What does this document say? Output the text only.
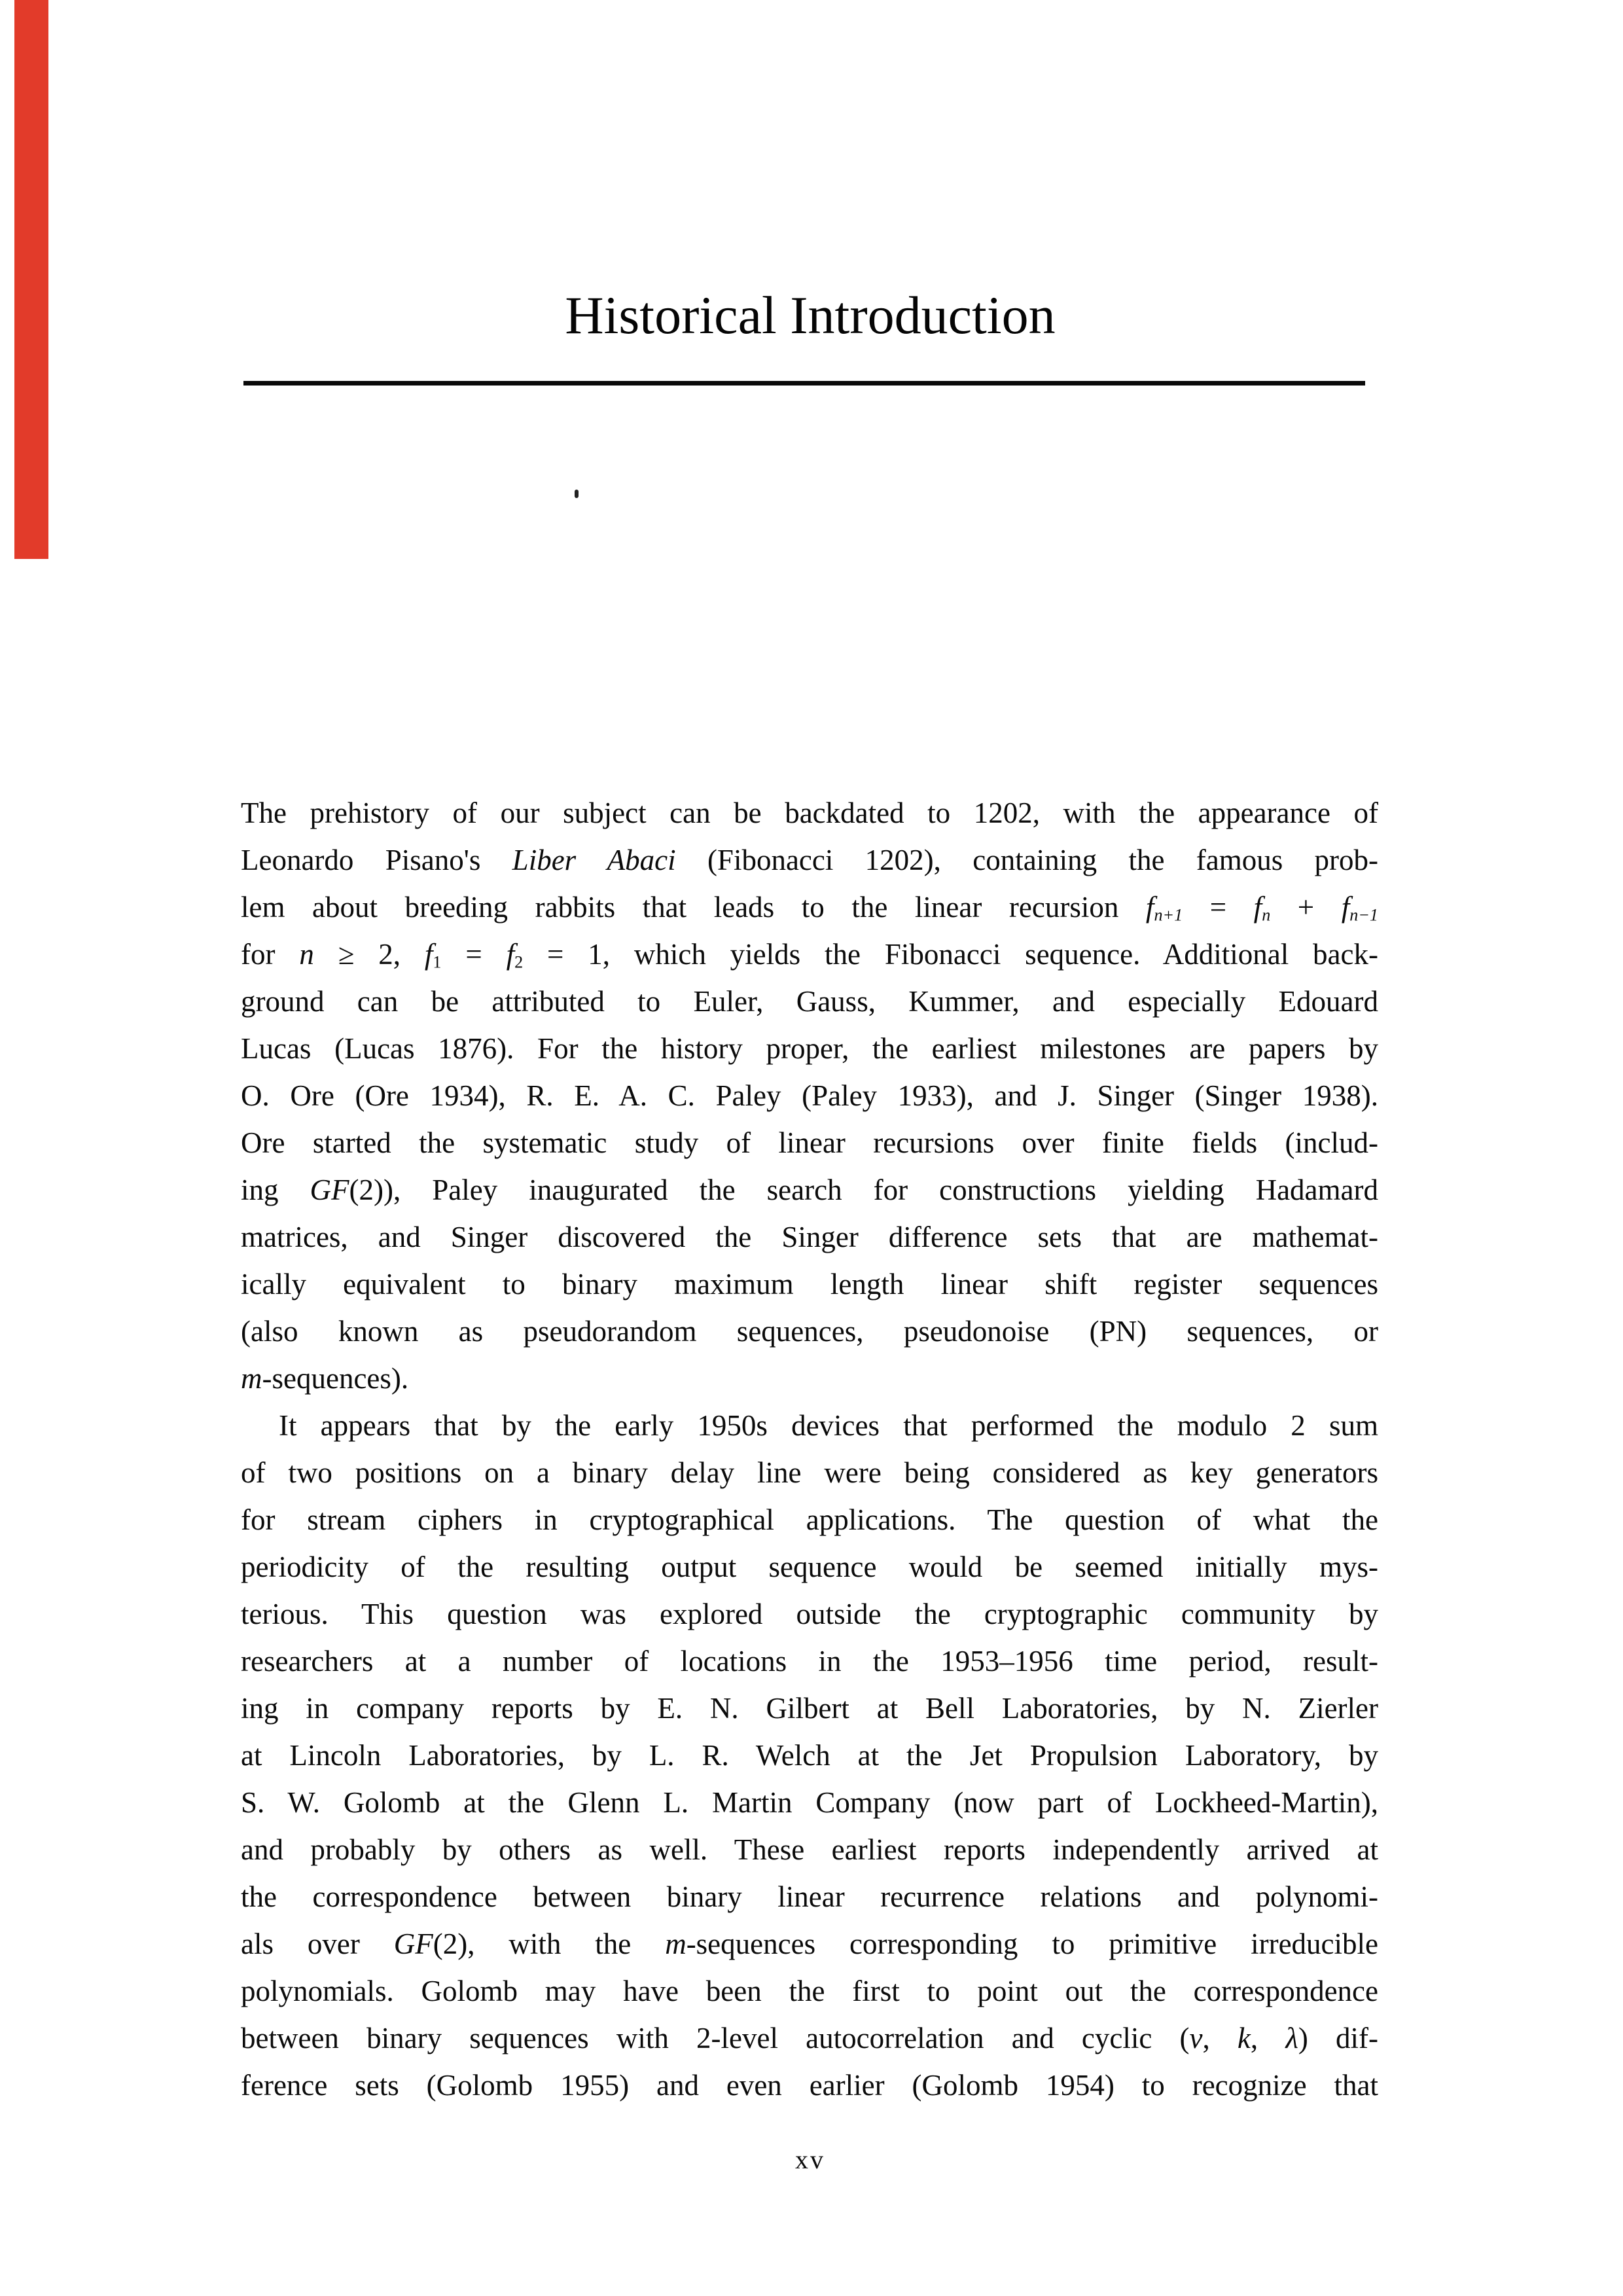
Historical Introduction
The prehistory of our subject can be backdated to 1202, with the appearance of
Leonardo Pisano's Liber Abaci (Fibonacci 1202), containing the famous prob-
lem about breeding rabbits that leads to the linear recursion fn+1 = fn + fn−1
for n ≥ 2, f1 = f2 = 1, which yields the Fibonacci sequence. Additional back-
ground can be attributed to Euler, Gauss, Kummer, and especially Edouard
Lucas (Lucas 1876). For the history proper, the earliest milestones are papers by
O. Ore (Ore 1934), R. E. A. C. Paley (Paley 1933), and J. Singer (Singer 1938).
Ore started the systematic study of linear recursions over finite fields (includ-
ing GF(2)), Paley inaugurated the search for constructions yielding Hadamard
matrices, and Singer discovered the Singer difference sets that are mathemat-
ically equivalent to binary maximum length linear shift register sequences
(also known as pseudorandom sequences, pseudonoise (PN) sequences, or
m-sequences).
It appears that by the early 1950s devices that performed the modulo 2 sum
of two positions on a binary delay line were being considered as key generators
for stream ciphers in cryptographical applications. The question of what the
periodicity of the resulting output sequence would be seemed initially mys-
terious. This question was explored outside the cryptographic community by
researchers at a number of locations in the 1953–1956 time period, result-
ing in company reports by E. N. Gilbert at Bell Laboratories, by N. Zierler
at Lincoln Laboratories, by L. R. Welch at the Jet Propulsion Laboratory, by
S. W. Golomb at the Glenn L. Martin Company (now part of Lockheed-Martin),
and probably by others as well. These earliest reports independently arrived at
the correspondence between binary linear recurrence relations and polynomi-
als over GF(2), with the m-sequences corresponding to primitive irreducible
polynomials. Golomb may have been the first to point out the correspondence
between binary sequences with 2-level autocorrelation and cyclic (v, k, λ) dif-
ference sets (Golomb 1955) and even earlier (Golomb 1954) to recognize that
xv
